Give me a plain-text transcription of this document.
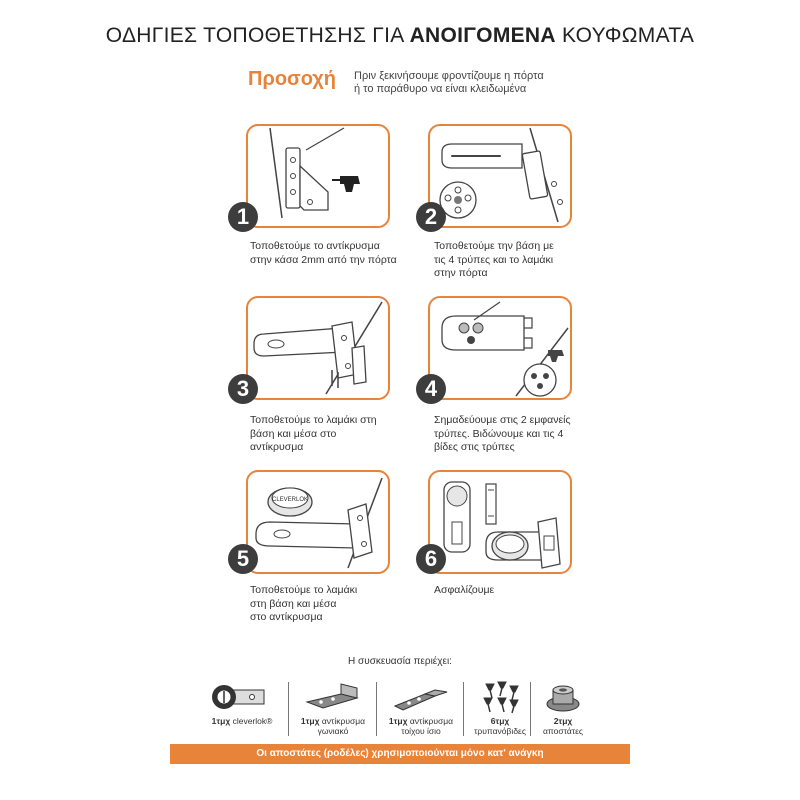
ΟΔΗΓΙΕΣ ΤΟΠΟΘΕΤΗΣΗΣ ΓΙΑ ΑΝΟΙΓΟΜΕΝΑ ΚΟΥΦΩΜΑΤΑ
Προσοχή Πριν ξεκινήσουμε φροντίζουμε η πόρτα
ή το παράθυρο να είναι κλειδωμένα
1
Τοποθετούμε το αντίκρυσμα
στην κάσα 2mm από την πόρτα
2
Τοποθετούμε την βάση με
τις 4 τρύπες και το λαμάκι
στην πόρτα
3
Τοποθετούμε το λαμάκι στη
βάση και μέσα στο
αντίκρυσμα
4
Σημαδεύουμε στις 2 εμφανείς
τρύπες. Βιδώνουμε και τις 4
βίδες στις τρύπες
CLEVERLOK
5
Τοποθετούμε το λαμάκι
στη βάση και μέσα
στο αντίκρυσμα
6
Ασφαλίζουμε
Η συσκευασία περιέχει:
1τμχ cleverlok®	1τμχ αντίκρυσμα
γωνιακό
1τμχ αντίκρυσμα
τοίχου ίσιο
6τμχ
τρυπανόβιδες
2τμχ
αποστάτες
Οι αποστάτες (ροδέλες) χρησιμοποιούνται μόνο κατ' ανάγκη
